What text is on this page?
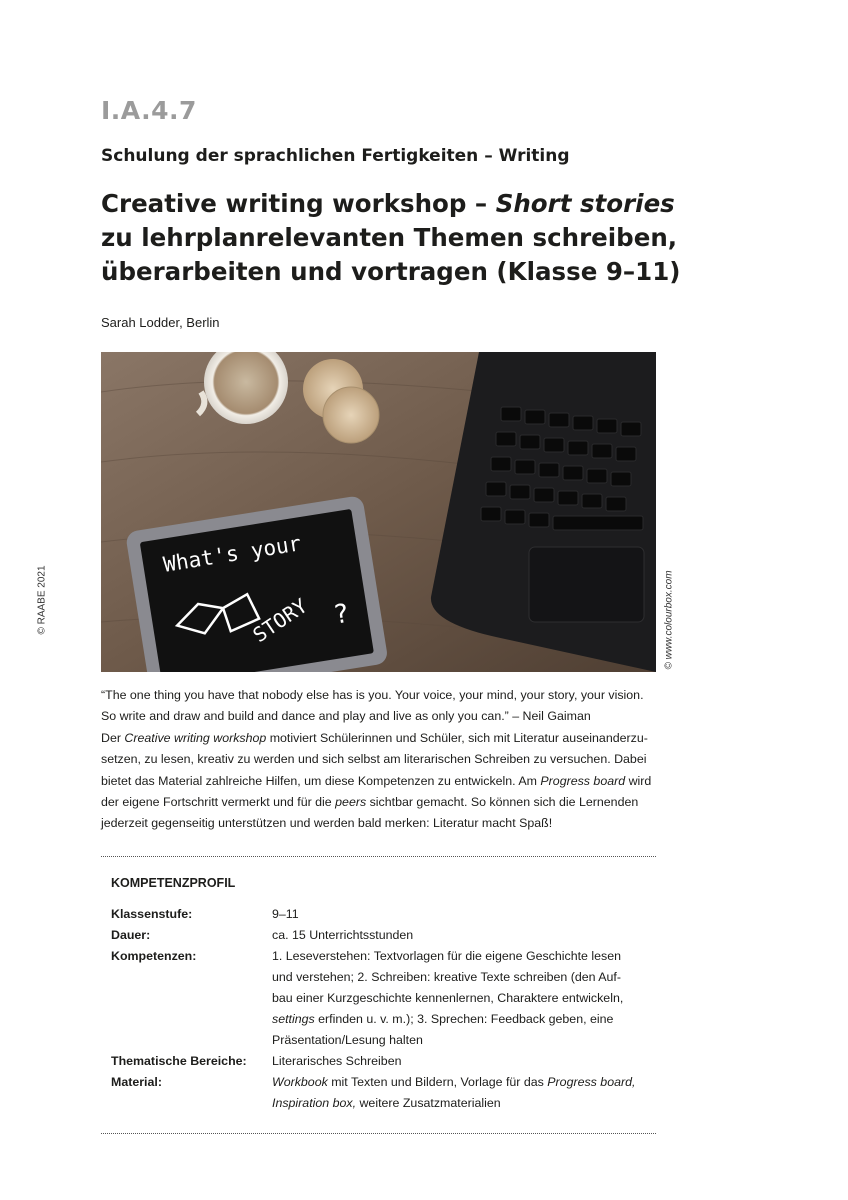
I.A.4.7
Schulung der sprachlichen Fertigkeiten – Writing
Creative writing workshop – Short stories
zu lehrplanrelevanten Themen schreiben,
überarbeiten und vortragen (Klasse 9–11)
Sarah Lodder, Berlin
© RAABE 2021	© www.colourbox.com
What's your
STORY ?
“The one thing you have that nobody else has is you. Your voice, your mind, your story, your vision.
So write and draw and build and dance and play and live as only you can.” – Neil Gaiman
Der Creative writing workshop motiviert Schülerinnen und Schüler, sich mit Literatur auseinanderzu-
setzen, zu lesen, kreativ zu werden und sich selbst am literarischen Schreiben zu versuchen. Dabei
bietet das Material zahlreiche Hilfen, um diese Kompetenzen zu entwickeln. Am Progress board wird
der eigene Fortschritt vermerkt und für die peers sichtbar gemacht. So können sich die Lernenden
jederzeit gegenseitig unterstützen und werden bald merken: Literatur macht Spaß!
KOMPETENZPROFIL
Klassenstufe:	9–11
Dauer:	ca. 15 Unterrichtsstunden
Kompetenzen:	1. Leseverstehen: Textvorlagen für die eigene Geschichte lesen
und verstehen; 2. Schreiben: kreative Texte schreiben (den Auf-
bau einer Kurzgeschichte kennenlernen, Charaktere entwickeln,
settings erfinden u. v. m.); 3. Sprechen: Feedback geben, eine
Präsentation/Lesung halten
Thematische Bereiche:	Literarisches Schreiben
Material:	Workbook mit Texten und Bildern, Vorlage für das Progress board,
Inspiration box, weitere Zusatzmaterialien
